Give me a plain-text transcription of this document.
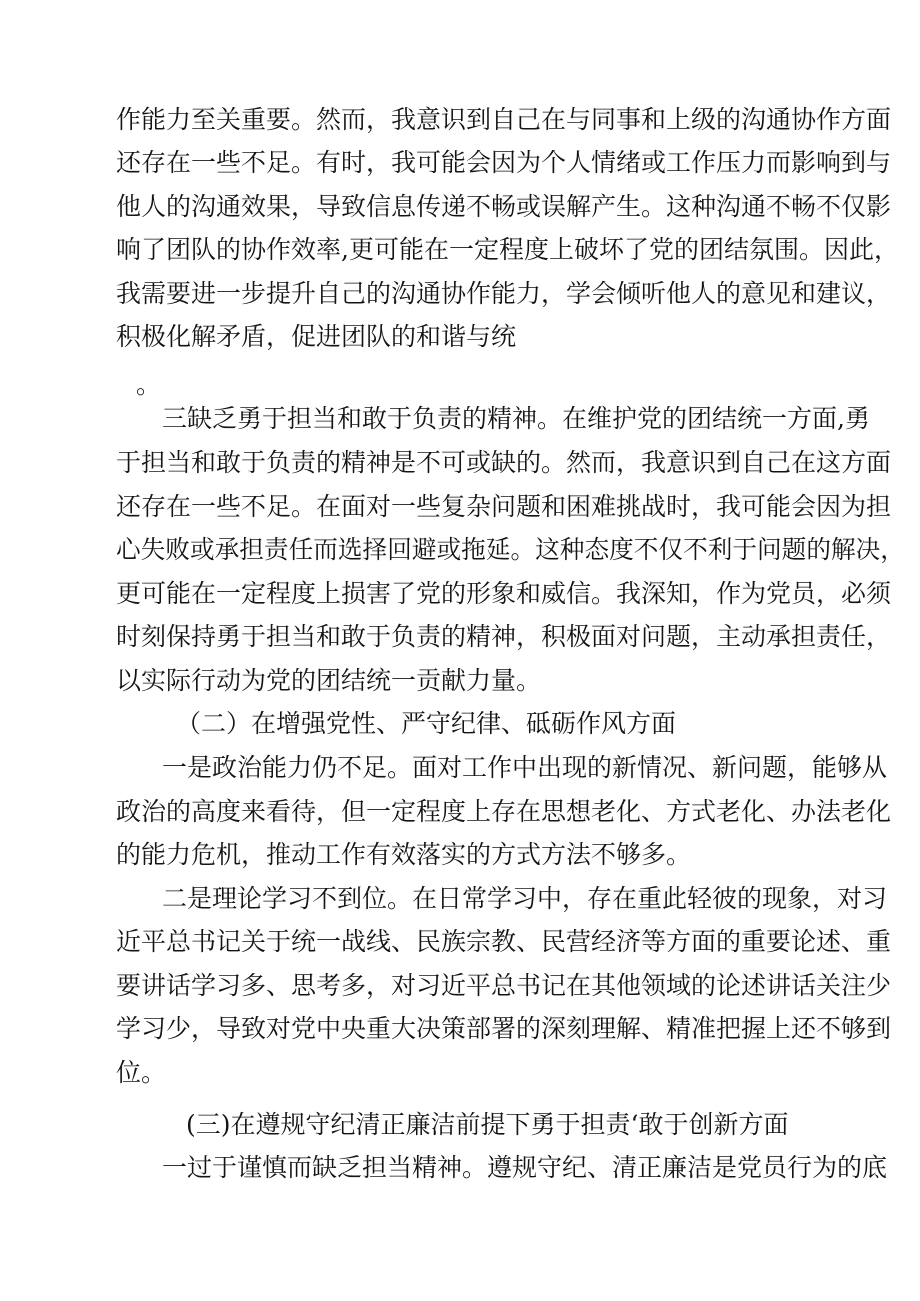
作能力至关重要。然而，我意识到自己在与同事和上级的沟通协作方面
还存在一些不足。有时，我可能会因为个人情绪或工作压力而影响到与
他人的沟通效果，导致信息传递不畅或误解产生。这种沟通不畅不仅影
响了团队的协作效率,更可能在一定程度上破坏了党的团结氛围。因此，
我需要进一步提升自己的沟通协作能力，学会倾听他人的意见和建议，
积极化解矛盾，促进团队的和谐与统
。
三缺乏勇于担当和敢于负责的精神。在维护党的团结统一方面,勇
于担当和敢于负责的精神是不可或缺的。然而，我意识到自己在这方面
还存在一些不足。在面对一些复杂问题和困难挑战时，我可能会因为担
心失败或承担责任而选择回避或拖延。这种态度不仅不利于问题的解决，
更可能在一定程度上损害了党的形象和威信。我深知，作为党员，必须
时刻保持勇于担当和敢于负责的精神，积极面对问题，主动承担责任，
以实际行动为党的团结统一贡献力量。
（二）在增强党性、严守纪律、砥砺作风方面
一是政治能力仍不足。面对工作中出现的新情况、新问题，能够从
政治的高度来看待，但一定程度上存在思想老化、方式老化、办法老化
的能力危机，推动工作有效落实的方式方法不够多。
二是理论学习不到位。在日常学习中，存在重此轻彼的现象，对习
近平总书记关于统一战线、民族宗教、民营经济等方面的重要论述、重
要讲话学习多、思考多，对习近平总书记在其他领域的论述讲话关注少
学习少，导致对党中央重大决策部署的深刻理解、精准把握上还不够到
位。
(三)在遵规守纪清正廉洁前提下勇于担责‘敢于创新方面
一过于谨慎而缺乏担当精神。遵规守纪、清正廉洁是党员行为的底
